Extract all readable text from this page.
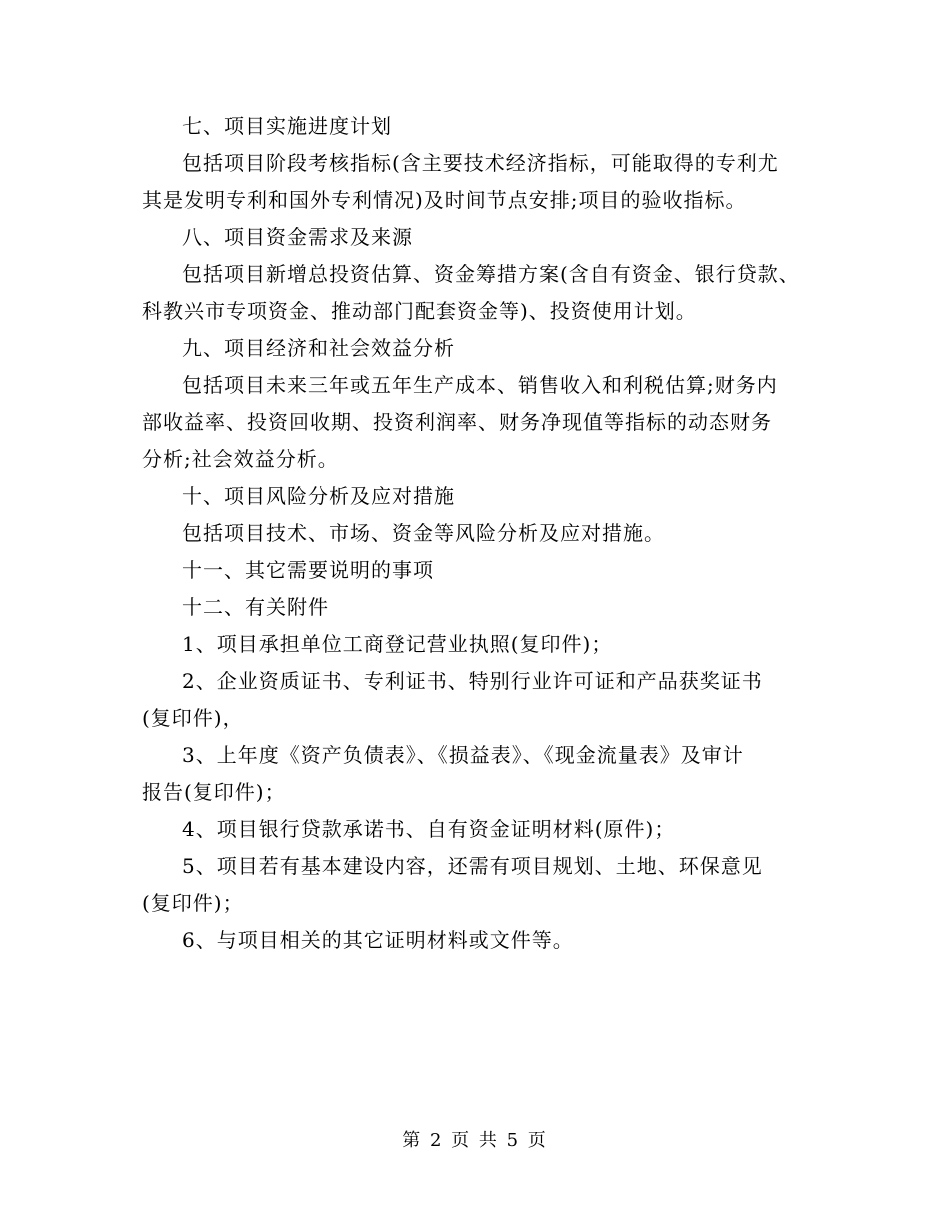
七、项目实施进度计划

包括项目阶段考核指标(含主要技术经济指标，可能取得的专利尤
其是发明专利和国外专利情况)及时间节点安排;项目的验收指标。

八、项目资金需求及来源

包括项目新增总投资估算、资金筹措方案(含自有资金、银行贷款、
科教兴市专项资金、推动部门配套资金等)、投资使用计划。

九、项目经济和社会效益分析

包括项目未来三年或五年生产成本、销售收入和利税估算;财务内
部收益率、投资回收期、投资利润率、财务净现值等指标的动态财务
分析;社会效益分析。

十、项目风险分析及应对措施

包括项目技术、市场、资金等风险分析及应对措施。

十一、其它需要说明的事项

十二、有关附件

1、项目承担单位工商登记营业执照(复印件)；

2、企业资质证书、专利证书、特别行业许可证和产品获奖证书
(复印件)，

3、上年度《资产负债表》、《损益表》、《现金流量表》及审计
报告(复印件)；

4、项目银行贷款承诺书、自有资金证明材料(原件)；

5、项目若有基本建设内容，还需有项目规划、土地、环保意见
(复印件)；

6、与项目相关的其它证明材料或文件等。

第 2 页 共 5 页
